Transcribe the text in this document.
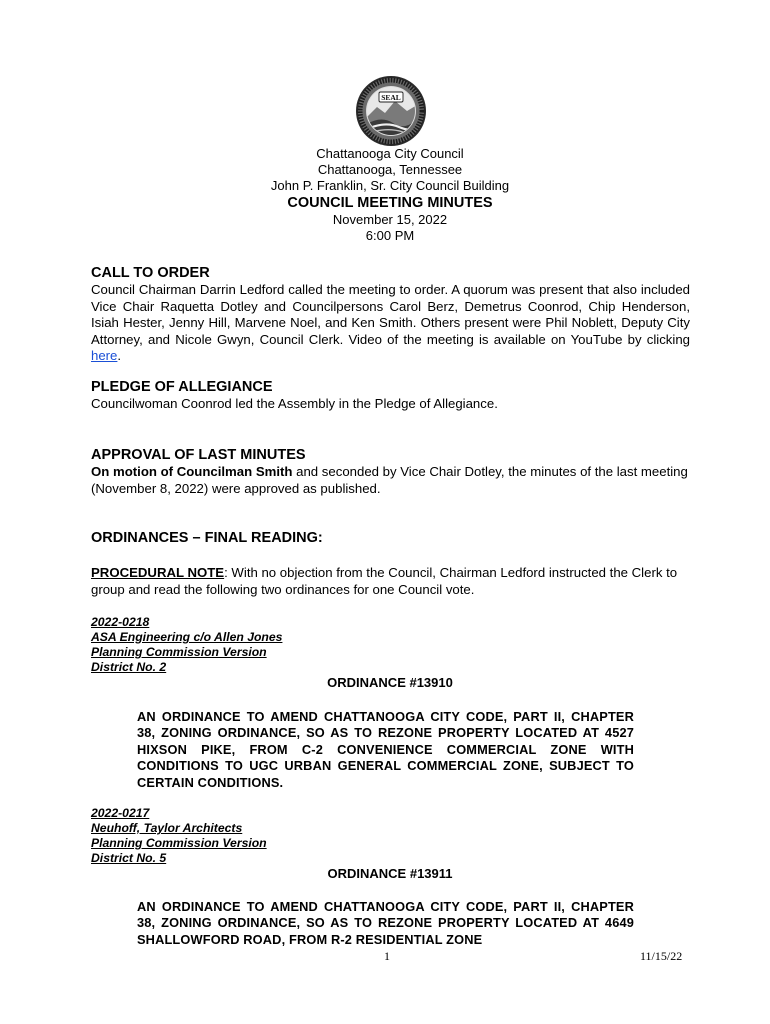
SEAL
Chattanooga City Council
Chattanooga, Tennessee
John P. Franklin, Sr. City Council Building
COUNCIL MEETING MINUTES
November 15, 2022
6:00 PM
CALL TO ORDER
Council Chairman Darrin Ledford called the meeting to order. A quorum was present that also included Vice Chair Raquetta Dotley and Councilpersons Carol Berz, Demetrus Coonrod, Chip Henderson, Isiah Hester, Jenny Hill, Marvene Noel, and Ken Smith. Others present were Phil Noblett, Deputy City Attorney, and Nicole Gwyn, Council Clerk. Video of the meeting is available on YouTube by clicking here.
PLEDGE OF ALLEGIANCE
Councilwoman Coonrod led the Assembly in the Pledge of Allegiance.
APPROVAL OF LAST MINUTES
On motion of Councilman Smith and seconded by Vice Chair Dotley, the minutes of the last meeting (November 8, 2022) were approved as published.
ORDINANCES – FINAL READING:
PROCEDURAL NOTE: With no objection from the Council, Chairman Ledford instructed the Clerk to group and read the following two ordinances for one Council vote.
2022-0218
ASA Engineering c/o Allen Jones
Planning Commission Version
District No. 2
ORDINANCE #13910
AN ORDINANCE TO AMEND CHATTANOOGA CITY CODE, PART II, CHAPTER 38, ZONING ORDINANCE, SO AS TO REZONE PROPERTY LOCATED AT 4527 HIXSON PIKE, FROM C-2 CONVENIENCE COMMERCIAL ZONE WITH CONDITIONS TO UGC URBAN GENERAL COMMERCIAL ZONE, SUBJECT TO CERTAIN CONDITIONS.
2022-0217
Neuhoff, Taylor Architects
Planning Commission Version
District No. 5
ORDINANCE #13911
AN ORDINANCE TO AMEND CHATTANOOGA CITY CODE, PART II, CHAPTER 38, ZONING ORDINANCE, SO AS TO REZONE PROPERTY LOCATED AT 4649 SHALLOWFORD ROAD, FROM R-2 RESIDENTIAL ZONE
1	11/15/22
